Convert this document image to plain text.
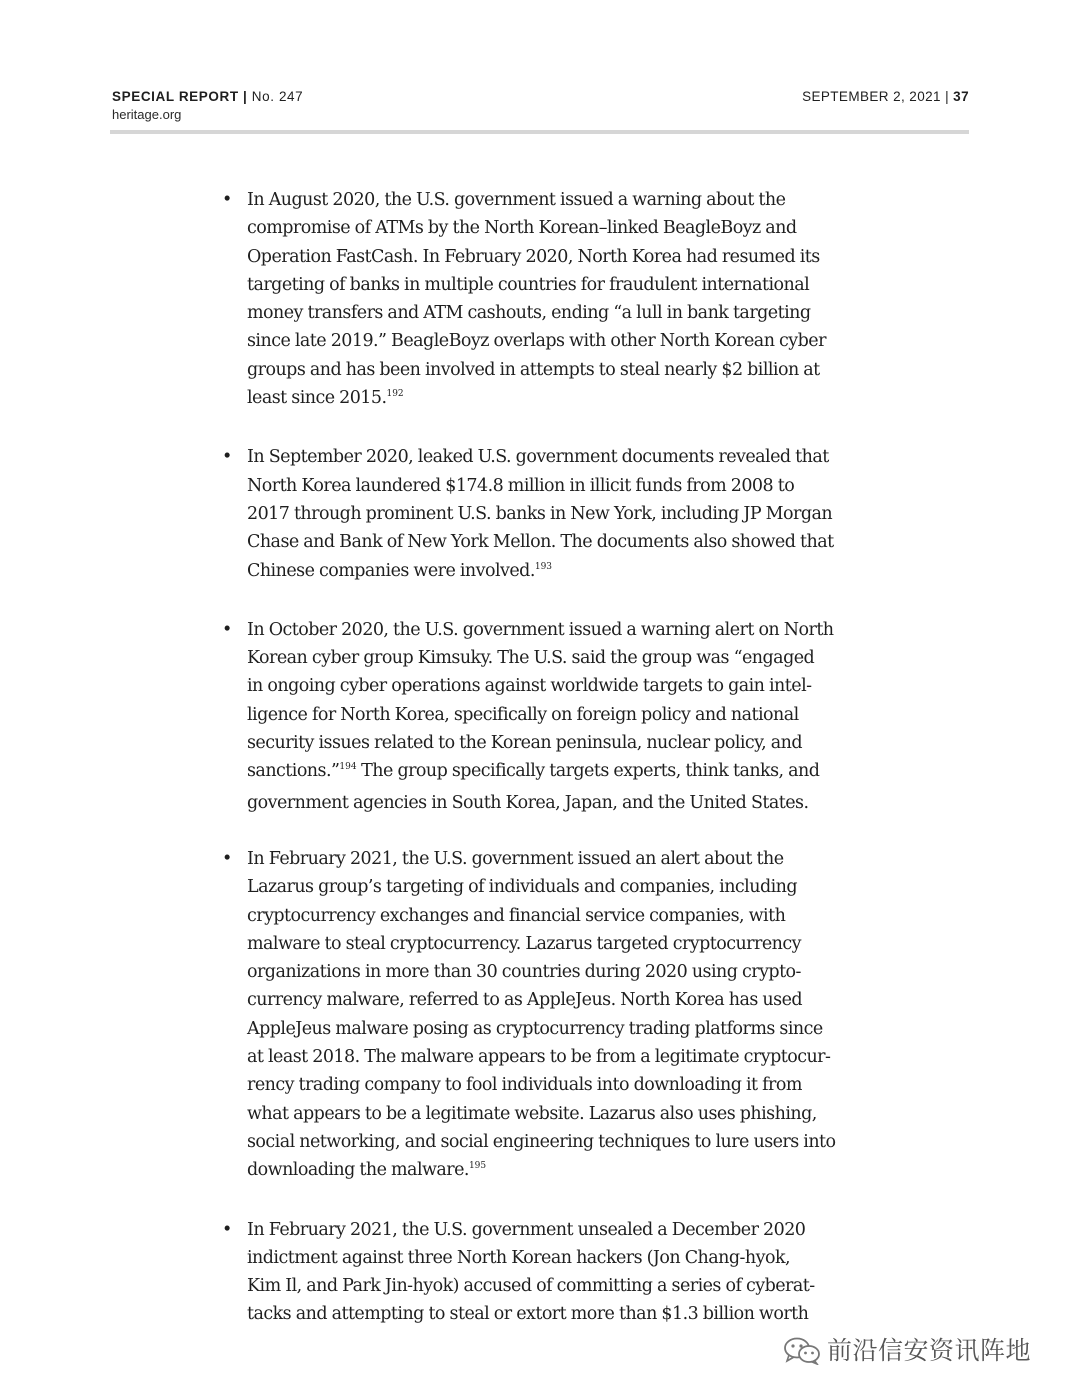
SPECIAL REPORT | No. 247
heritage.org
SEPTEMBER 2, 2021 | 37
• In August 2020, the U.S. government issued a warning about the
compromise of ATMs by the North Korean–linked BeagleBoyz and
Operation FastCash. In February 2020, North Korea had resumed its
targeting of banks in multiple countries for fraudulent international
money transfers and ATM cashouts, ending “a lull in bank targeting
since late 2019.” BeagleBoyz overlaps with other North Korean cyber
groups and has been involved in attempts to steal nearly $2 billion at
least since 2015.$^{192}$

• In September 2020, leaked U.S. government documents revealed that
North Korea laundered $174.8 million in illicit funds from 2008 to
2017 through prominent U.S. banks in New York, including JP Morgan
Chase and Bank of New York Mellon. The documents also showed that
Chinese companies were involved.$^{193}$

• In October 2020, the U.S. government issued a warning alert on North
Korean cyber group Kimsuky. The U.S. said the group was “engaged
in ongoing cyber operations against worldwide targets to gain intel-
ligence for North Korea, specifically on foreign policy and national
security issues related to the Korean peninsula, nuclear policy, and
sanctions.”$^{194}$ The group specifically targets experts, think tanks, and
government agencies in South Korea, Japan, and the United States.

• In February 2021, the U.S. government issued an alert about the
Lazarus group’s targeting of individuals and companies, including
cryptocurrency exchanges and financial service companies, with
malware to steal cryptocurrency. Lazarus targeted cryptocurrency
organizations in more than 30 countries during 2020 using crypto-
currency malware, referred to as AppleJeus. North Korea has used
AppleJeus malware posing as cryptocurrency trading platforms since
at least 2018. The malware appears to be from a legitimate cryptocur-
rency trading company to fool individuals into downloading it from
what appears to be a legitimate website. Lazarus also uses phishing,
social networking, and social engineering techniques to lure users into
downloading the malware.$^{195}$

• In February 2021, the U.S. government unsealed a December 2020
indictment against three North Korean hackers (Jon Chang-hyok,
Kim Il, and Park Jin-hyok) accused of committing a series of cyberat-
tacks and attempting to steal or extort more than $1.3 billion worth

前沿信安资讯阵地
